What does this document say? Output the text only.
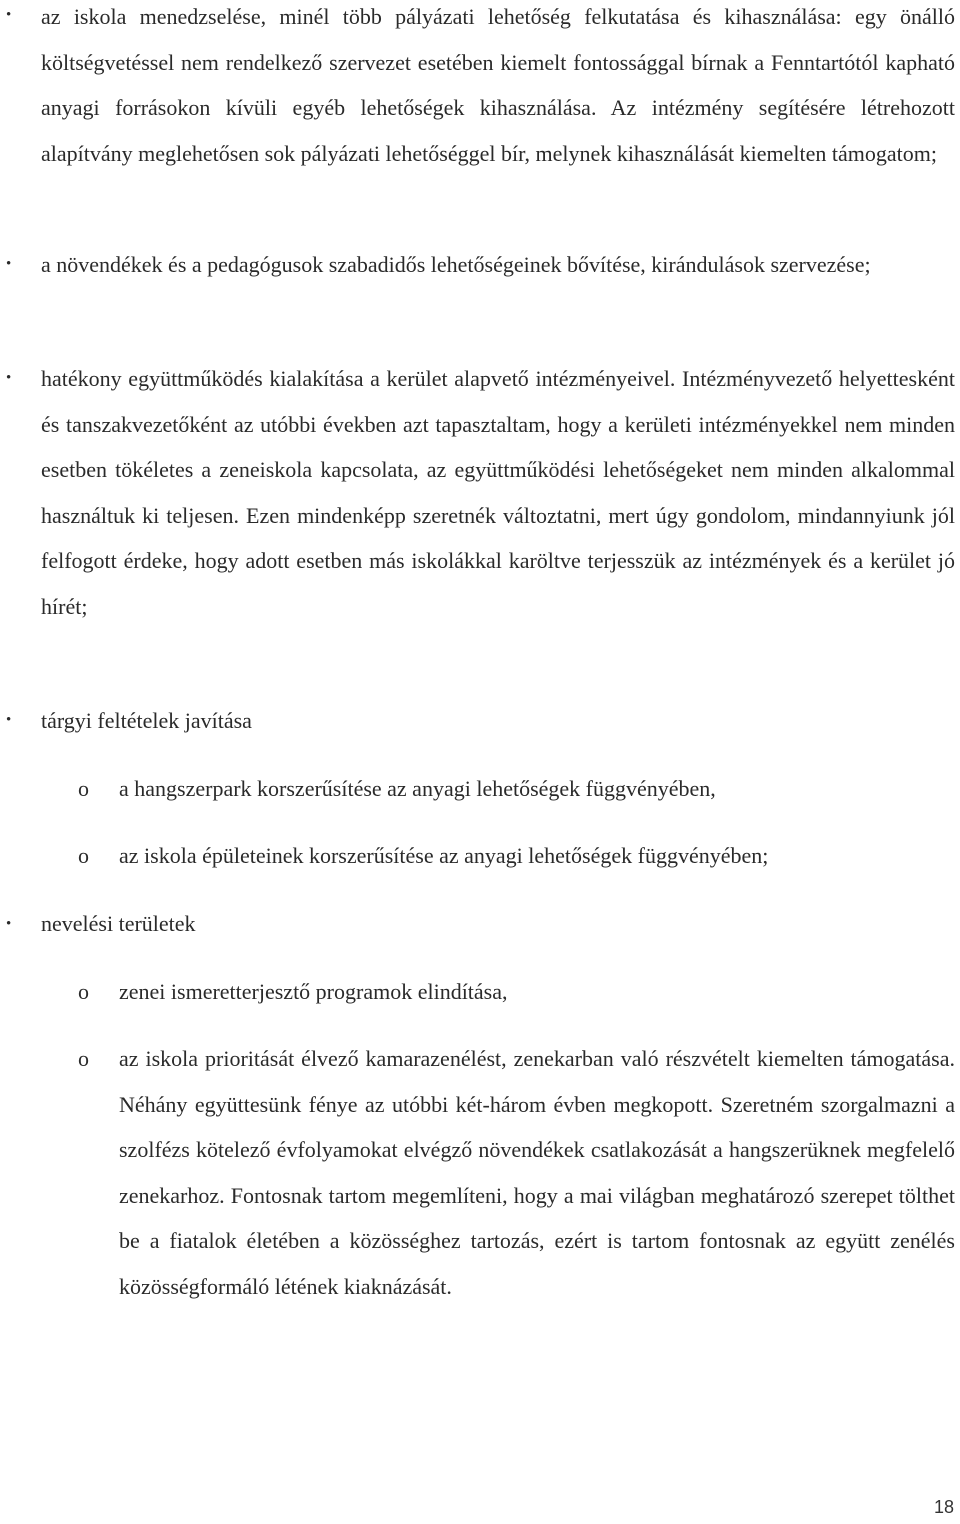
• az iskola menedzselése, minél több pályázati lehetőség felkutatása és kihasználása: egy önálló költségvetéssel nem rendelkező szervezet esetében kiemelt fontossággal bírnak a Fenntartótól kapható anyagi forrásokon kívüli egyéb lehetőségek kihasználása. Az intézmény segítésére létrehozott alapítvány meglehetősen sok pályázati lehetőséggel bír, melynek kihasználását kiemelten támogatom;
• a növendékek és a pedagógusok szabadidős lehetőségeinek bővítése, kirándulások szervezése;
• hatékony együttműködés kialakítása a kerület alapvető intézményeivel. Intézményvezető helyettesként és tanszakvezetőként az utóbbi években azt tapasztaltam, hogy a kerületi intézményekkel nem minden esetben tökéletes a zeneiskola kapcsolata, az együttműködési lehetőségeket nem minden alkalommal használtuk ki teljesen. Ezen mindenképp szeretnék változtatni, mert úgy gondolom, mindannyiunk jól felfogott érdeke, hogy adott esetben más iskolákkal karöltve terjesszük az intézmények és a kerület jó hírét;
• tárgyi feltételek javítása
o a hangszerpark korszerűsítése az anyagi lehetőségek függvényében,
o az iskola épületeinek korszerűsítése az anyagi lehetőségek függvényében;
• nevelési területek
o zenei ismeretterjesztő programok elindítása,
o az iskola prioritását élvező kamarazenélést, zenekarban való részvételt kiemelten támogatása. Néhány együttesünk fénye az utóbbi két-három évben megkopott. Szeretném szorgalmazni a szolfézs kötelező évfolyamokat elvégző növendékek csatlakozását a hangszerüknek megfelelő zenekarhoz. Fontosnak tartom megemlíteni, hogy a mai világban meghatározó szerepet tölthet be a fiatalok életében a közösséghez tartozás, ezért is tartom fontosnak az együtt zenélés közösségformáló létének kiaknázását.
18
